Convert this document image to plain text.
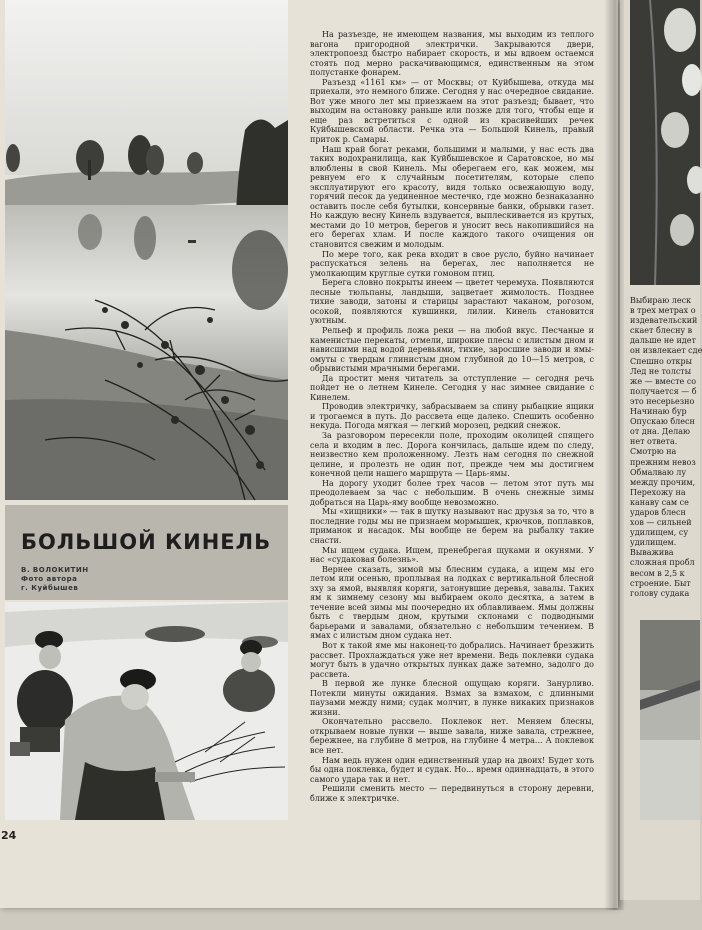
БОЛЬШОЙ КИНЕЛЬ
В. ВОЛОКИТИН
Фото автора
г. Куйбышев

На разъезде, не имеющем названия, мы выходим из теплого вагона пригородной электрички. Закрываются двери, электропоезд быстро набирает скорость, и мы вдвоем остаемся стоять под мерно раскачивающимся, единственным на этом полустанке фонарем.

Разъезд «1161 км» — от Москвы; от Куйбышева, откуда мы приехали, это немного ближе. Сегодня у нас очередное свидание. Вот уже много лет мы приезжаем на этот разъезд; бывает, что выходим на остановку раньше или позже для того, чтобы еще и еще раз встретиться с одной из красивейших речек Куйбышевской области. Речка эта — Большой Кинель, правый приток р. Самары.

Наш край богат реками, большими и малыми, у нас есть два таких водохранилища, как Куйбышевское и Саратовское, но мы влюблены в свой Кинель. Мы оберегаем его, как можем, мы ревнуем его к случайным посетителям, которые слепо эксплуатируют его красоту, видя только освежающую воду, горячий песок да уединенное местечко, где можно безнаказанно оставить после себя бутылки, консервные банки, обрывки газет. Но каждую весну Кинель вздувается, выплескивается из крутых, местами до 10 метров, берегов и уносит весь накопившийся на его берегах хлам. И после каждого такого очищения он становится свежим и молодым.

По мере того, как река входит в свое русло, буйно начинает распускаться зелень на берегах, лес наполняется не умолкающим круглые сутки гомоном птиц.

Берега словно покрыты инеем — цветет черемуха. Появляются лесные тюльпаны, ландыши, зацветает жимолость. Позднее тихие заводи, затоны и старицы зарастают чаканом, рогозом, осокой, появляются кувшинки, лилии. Кинель становится уютным.

Рельеф и профиль ложа реки — на любой вкус. Песчаные и каменистые перекаты, отмели, широкие плесы с илистым дном и нависшими над водой деревьями, тихие, заросшие заводи и ямы-омуты с твердым глинистым дном глубиной до 10—15 метров, с обрывистыми мрачными берегами.

Да простит меня читатель за отступление — сегодня речь пойдет не о летнем Кинеле. Сегодня у нас зимнее свидание с Кинелем.

Проводив электричку, забрасываем за спину рыбацкие ящики и трогаемся в путь. До рассвета еще далеко. Спешить особенно некуда. Погода мягкая — легкий морозец, редкий снежок.

За разговором пересекли поле, проходим околицей спящего села и входим в лес. Дорога кончилась, дальше идем по следу, неизвестно кем проложенному. Лезть нам сегодня по снежной целине, и пролезть не один пот, прежде чем мы достигнем конечной цели нашего маршрута — Царь-ямы.

На дорогу уходит более трех часов — летом этот путь мы преодолеваем за час с небольшим. В очень снежные зимы добраться на Царь-яму вообще невозможно.

Мы «хищники» — так в шутку называют нас друзья за то, что в последние годы мы не признаем мормышек, крючков, поплавков, приманок и насадок. Мы вообще не берем на рыбалку такие снасти.

Мы ищем судака. Ищем, пренебрегая щуками и окунями. У нас «судаковая болезнь».

Вернее сказать, зимой мы блесним судака, а ищем мы его летом или осенью, проплывая на лодках с вертикальной блесной зху за ямой, выявляя коряги, затонувшие деревья, завалы. Таких ям к зимнему сезону мы выбираем около десятка, а затем в течение всей зимы мы поочередно их облавливаем. Ямы должны быть с твердым дном, крутыми склонами с подводными барьерами и завалами, обязательно с небольшим течением. В ямах с илистым дном судака нет.

Вот к такой яме мы наконец-то добрались. Начинает брезжить рассвет. Прохлаждаться уже нет времени. Ведь поклевки судака могут быть в удачно открытых лунках даже затемно, задолго до рассвета.

В первой же лунке блесной ощущаю коряги. Занурливо. Потекли минуты ожидания. Взмах за взмахом, с длинными паузами между ними; судак молчит, в лунке никаких признаков жизни.

Окончательно рассвело. Поклевок нет. Меняем блесны, открываем новые лунки — выше завала, ниже завала, стрежнее, бережнее, на глубине 8 метров, на глубине 4 метра... А поклевок все нет.

Нам ведь нужен один единственный удар на двоих! Будет хоть бы одна поклевка, будет и судак. Но... время одиннадцать, в этого самого удара так и нет.

Решили сменить место — передвинуться в сторону деревни, ближе к электричке.

24
Выбираю леск
в трех метрах о
издевательский
скает блесну в
дальше не идет
он извлекает сде
Спешно откры
Лед не толсты
же — вместе со
получается — б
это несерьезно
Начинаю бур
Опускаю блесн
от дна. Делаю
нет ответа.
Смотрю на
прежним невоз
Обмалваю лу
между прочим,
Перехожу на
канаву сам се
ударов блесн
хов — сильней
удилищем, су
удилищем.
Выважива
сложная пробл
весом в 2,5 к
строение. Быт
голову судака
